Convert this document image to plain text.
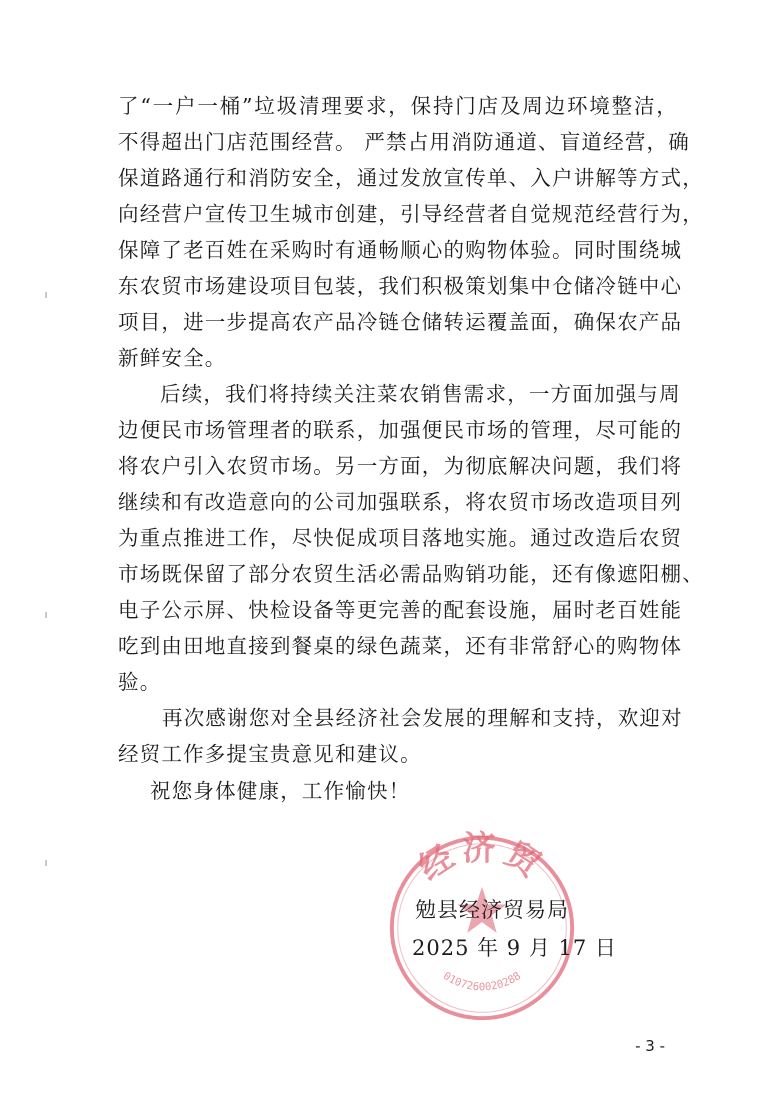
了“一户一桶”垃圾清理要求，保持门店及周边环境整洁，
不得超出门店范围经营。 严禁占用消防通道、盲道经营，确
保道路通行和消防安全，通过发放宣传单、入户讲解等方式，
向经营户宣传卫生城市创建，引导经营者自觉规范经营行为，
保障了老百姓在采购时有通畅顺心的购物体验。同时围绕城
东农贸市场建设项目包装，我们积极策划集中仓储冷链中心
项目，进一步提高农产品冷链仓储转运覆盖面，确保农产品
新鲜安全。
后续，我们将持续关注菜农销售需求，一方面加强与周
边便民市场管理者的联系，加强便民市场的管理，尽可能的
将农户引入农贸市场。另一方面，为彻底解决问题，我们将
继续和有改造意向的公司加强联系，将农贸市场改造项目列
为重点推进工作，尽快促成项目落地实施。通过改造后农贸
市场既保留了部分农贸生活必需品购销功能，还有像遮阳棚、
电子公示屏、快检设备等更完善的配套设施，届时老百姓能
吃到由田地直接到餐桌的绿色蔬菜，还有非常舒心的购物体
验。
再次感谢您对全县经济社会发展的理解和支持，欢迎对
经贸工作多提宝贵意见和建议。
祝您身体健康，工作愉快！
经济贸
0107260020288
勉县经济贸易局
2025 年 9 月 17 日
- 3 -
